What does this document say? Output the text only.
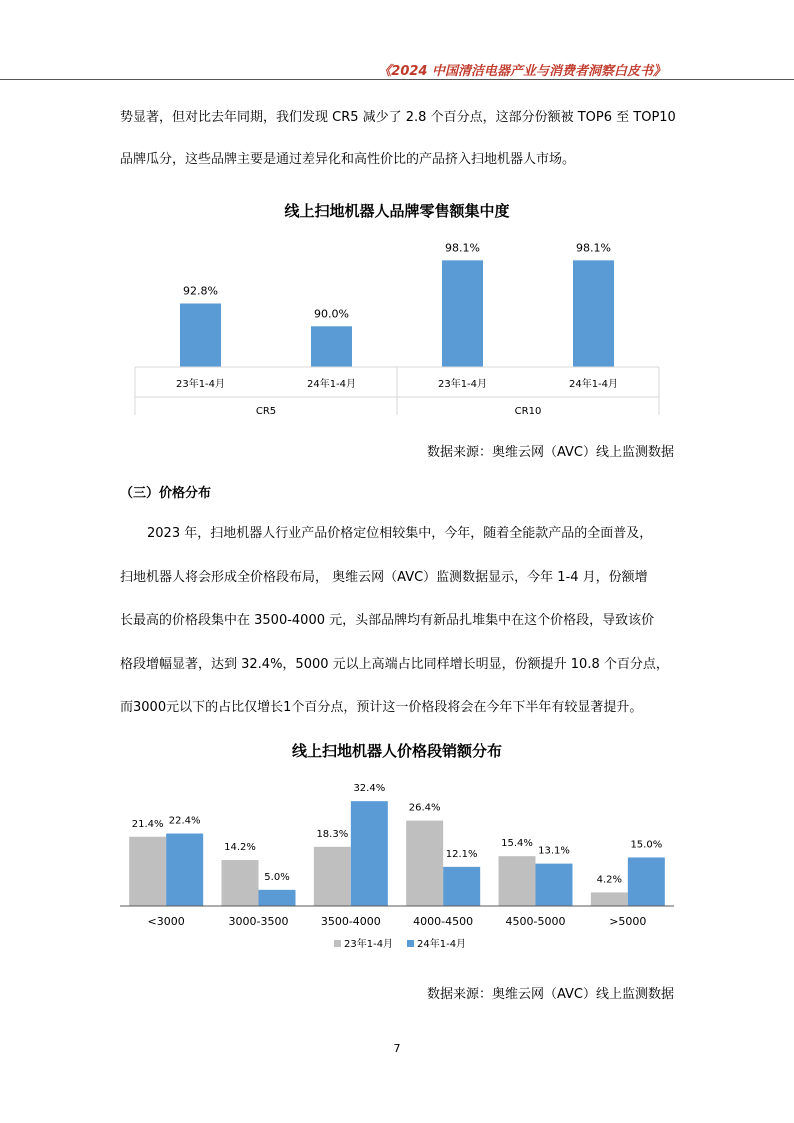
《2024 中国清洁电器产业与消费者洞察白皮书》

势显著，但对比去年同期，我们发现 CR5 减少了 2.8 个百分点，这部分份额被 TOP6 至 TOP10

品牌瓜分，这些品牌主要是通过差异化和高性价比的产品挤入扫地机器人市场。

线上扫地机器人品牌零售额集中度

92.8%
23年1-4月
90.0%
24年1-4月
98.1%
23年1-4月
98.1%
24年1-4月
CR5	CR10
数据来源：奥维云网（AVC）线上监测数据
（三）价格分布

2023 年，扫地机器人行业产品价格定位相较集中，今年，随着全能款产品的全面普及，

扫地机器人将会形成全价格段布局， 奥维云网（AVC）监测数据显示，今年 1-4 月，份额增

长最高的价格段集中在 3500-4000 元，头部品牌均有新品扎堆集中在这个价格段，导致该价

格段增幅显著，达到 32.4%，5000 元以上高端占比同样增长明显，份额提升 10.8 个百分点，

而3000元以下的占比仅增长1个百分点，预计这一价格段将会在今年下半年有较显著提升。

线上扫地机器人价格段销额分布

21.4% 22.4%
<3000
14.2%
5.0%
3000-3500
18.3%
32.4%
3500-4000
26.4%
12.1%
4000-4500
15.4%
13.1%
4500-5000
4.2%
15.0%
>5000
23年1-4月 24年1-4月
数据来源：奥维云网（AVC）线上监测数据
7
